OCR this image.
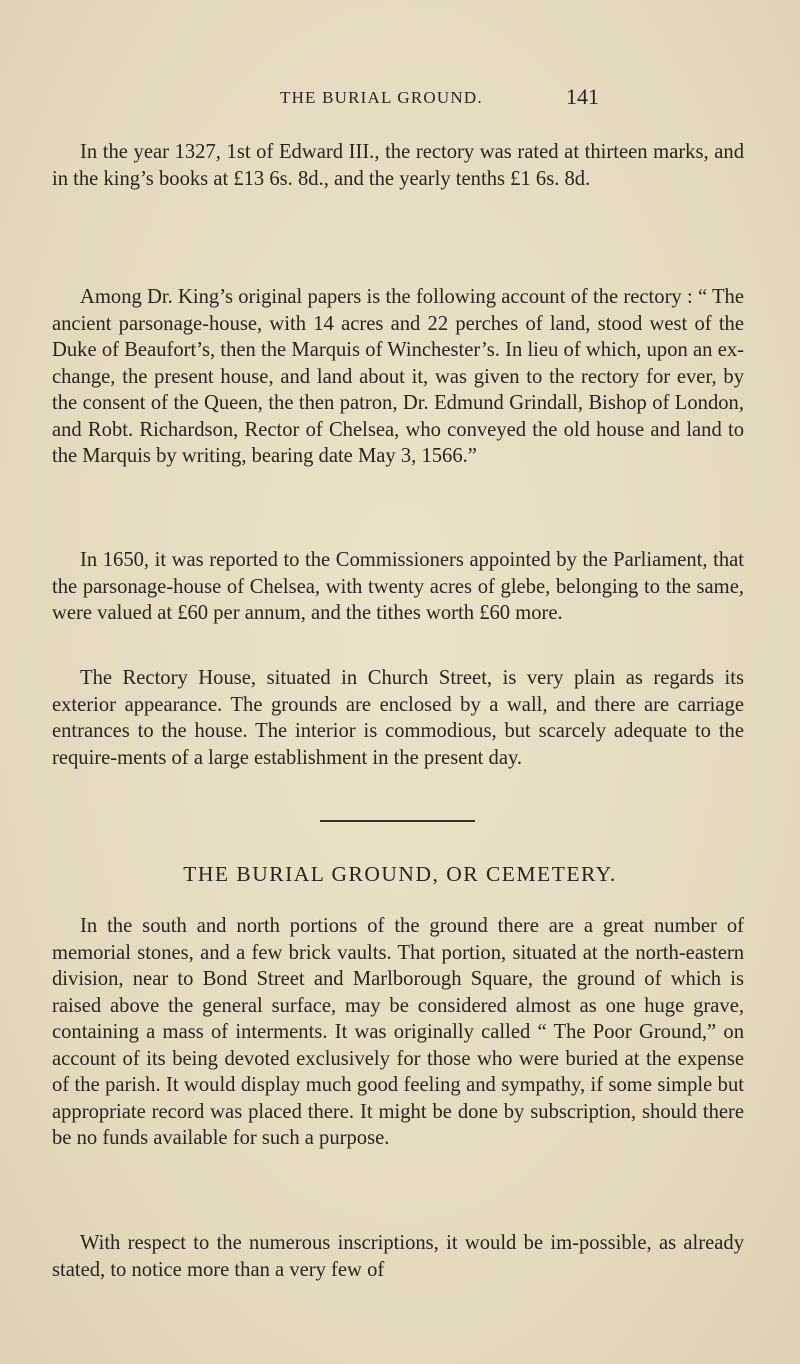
THE BURIAL GROUND.	141

In the year 1327, 1st of Edward III., the rectory was rated at thirteen marks, and in the king’s books at £13 6s. 8d., and the yearly tenths £1 6s. 8d.

Among Dr. King’s original papers is the following account of the rectory : “ The ancient parsonage-house, with 14 acres and 22 perches of land, stood west of the Duke of Beaufort’s, then the Marquis of Winchester’s. In lieu of which, upon an ex-change, the present house, and land about it, was given to the rectory for ever, by the consent of the Queen, the then patron, Dr. Edmund Grindall, Bishop of London, and Robt. Richardson, Rector of Chelsea, who conveyed the old house and land to the Marquis by writing, bearing date May 3, 1566.”

In 1650, it was reported to the Commissioners appointed by the Parliament, that the parsonage-house of Chelsea, with twenty acres of glebe, belonging to the same, were valued at £60 per annum, and the tithes worth £60 more.

The Rectory House, situated in Church Street, is very plain as regards its exterior appearance. The grounds are enclosed by a wall, and there are carriage entrances to the house. The interior is commodious, but scarcely adequate to the require-ments of a large establishment in the present day.

THE BURIAL GROUND, OR CEMETERY.

In the south and north portions of the ground there are a great number of memorial stones, and a few brick vaults. That portion, situated at the north-eastern division, near to Bond Street and Marlborough Square, the ground of which is raised above the general surface, may be considered almost as one huge grave, containing a mass of interments. It was originally called “ The Poor Ground,” on account of its being devoted exclusively for those who were buried at the expense of the parish. It would display much good feeling and sympathy, if some simple but appropriate record was placed there. It might be done by subscription, should there be no funds available for such a purpose.

With respect to the numerous inscriptions, it would be im-possible, as already stated, to notice more than a very few of
